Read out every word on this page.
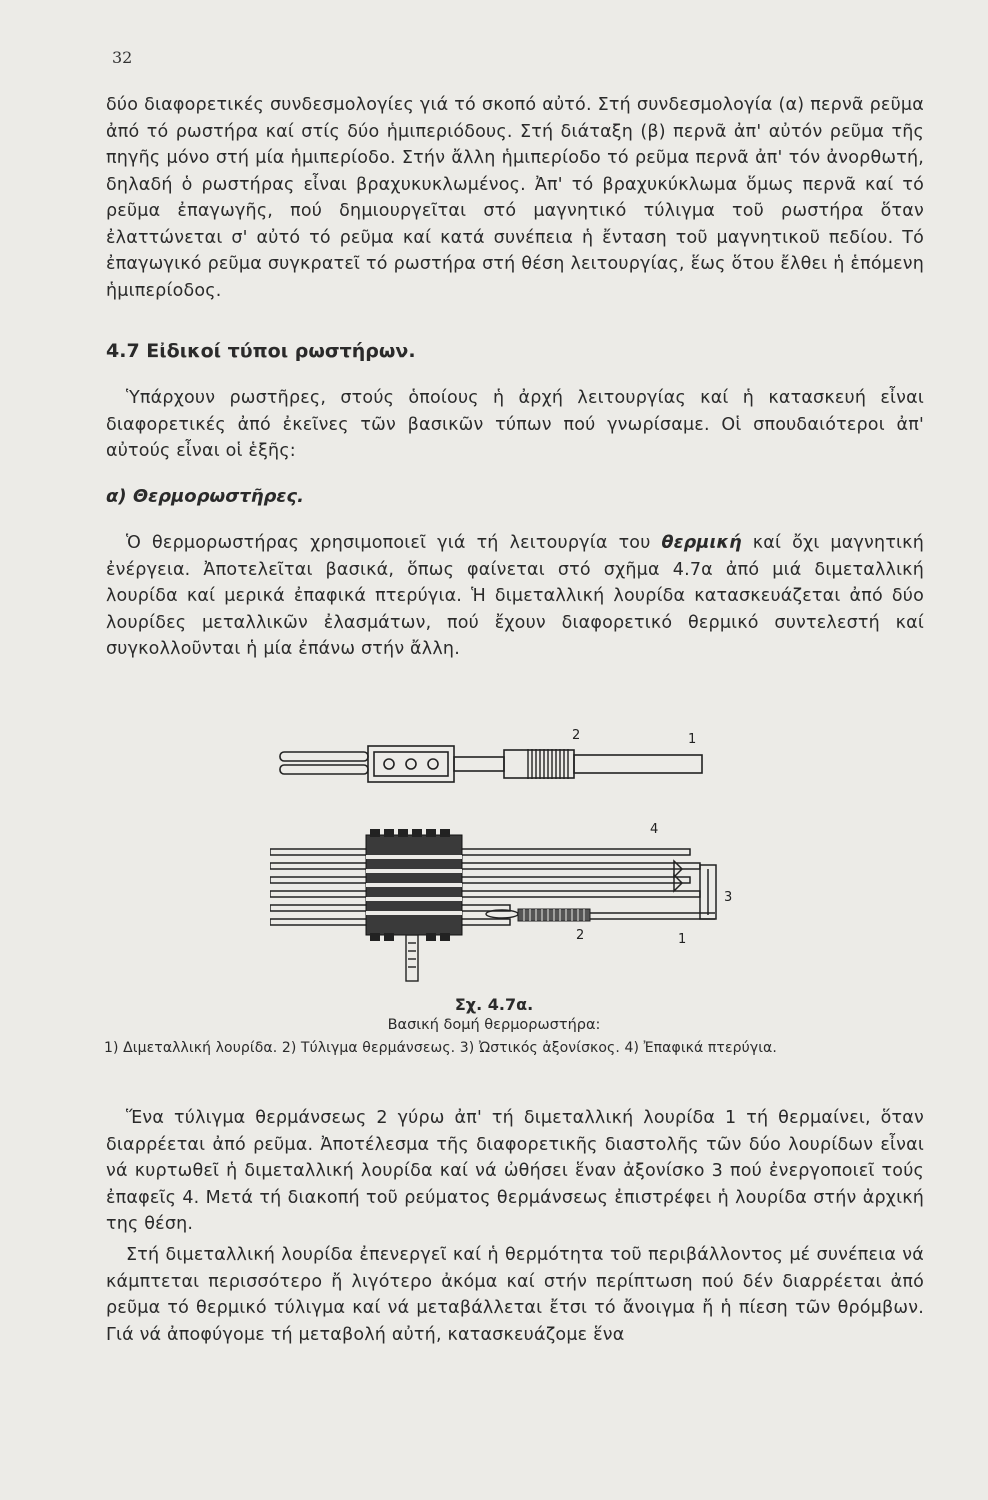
32

δύο διαφορετικές συνδεσμολογίες γιά τό σκοπό αὐτό. Στή συνδεσμολογία (α) περνᾶ ρεῦμα ἀπό τό ρωστήρα καί στίς δύο ἡμιπεριόδους. Στή διάταξη (β) περνᾶ ἀπ' αὐτόν ρεῦμα τῆς πηγῆς μόνο στή μία ἡμιπερίοδο. Στήν ἄλλη ἡμιπερίοδο τό ρεῦμα περνᾶ ἀπ' τόν ἀνορθωτή, δηλαδή ὁ ρωστήρας εἶναι βραχυκυκλωμένος. Ἀπ' τό βραχυκύκλωμα ὅμως περνᾶ καί τό ρεῦμα ἐπαγωγῆς, πού δημιουργεῖται στό μαγνητικό τύλιγμα τοῦ ρωστήρα ὅταν ἐλαττώνεται σ' αὐτό τό ρεῦμα καί κατά συνέπεια ἡ ἔνταση τοῦ μαγνητικοῦ πεδίου. Τό ἐπαγωγικό ρεῦμα συγκρατεῖ τό ρωστήρα στή θέση λειτουργίας, ἕως ὅτου ἔλθει ἡ ἑπόμενη ἡμιπερίοδος.

4.7 Εἰδικοί τύποι ρωστήρων.

Ὑπάρχουν ρωστῆρες, στούς ὁποίους ἡ ἀρχή λειτουργίας καί ἡ κατασκευή εἶναι διαφορετικές ἀπό ἐκεῖνες τῶν βασικῶν τύπων πού γνωρίσαμε. Οἱ σπουδαιότεροι ἀπ' αὐτούς εἶναι οἱ ἑξῆς:

α) Θερμορωστῆρες.

Ὁ θερμορωστήρας χρησιμοποιεῖ γιά τή λειτουργία του θερμική καί ὄχι μαγνητική ἐνέργεια. Ἀποτελεῖται βασικά, ὅπως φαίνεται στό σχῆμα 4.7α ἀπό μιά διμεταλλική λουρίδα καί μερικά ἐπαφικά πτερύγια. Ἡ διμεταλλική λουρίδα κατασκευάζεται ἀπό δύο λουρίδες μεταλλικῶν ἐλασμάτων, πού ἔχουν διαφορετικό θερμικό συντελεστή καί συγκολλοῦνται ἡ μία ἐπάνω στήν ἄλλη.

2	1
4
3
2	1
Σχ. 4.7α.
Βασική δομή θερμορωστήρα:
1) Διμεταλλική λουρίδα. 2) Τύλιγμα θερμάνσεως. 3) Ὠστικός ἀξονίσκος. 4) Ἐπαφικά πτερύγια.

Ἕνα τύλιγμα θερμάνσεως 2 γύρω ἀπ' τή διμεταλλική λουρίδα 1 τή θερμαίνει, ὅταν διαρρέεται ἀπό ρεῦμα. Ἀποτέλεσμα τῆς διαφορετικῆς διαστολῆς τῶν δύο λουρίδων εἶναι νά κυρτωθεῖ ἡ διμεταλλική λουρίδα καί νά ὠθήσει ἕναν ἀξονίσκο 3 πού ἐνεργοποιεῖ τούς ἐπαφεῖς 4. Μετά τή διακοπή τοῦ ρεύματος θερμάνσεως ἐπιστρέφει ἡ λουρίδα στήν ἀρχική της θέση.

Στή διμεταλλική λουρίδα ἐπενεργεῖ καί ἡ θερμότητα τοῦ περιβάλλοντος μέ συνέπεια νά κάμπτεται περισσότερο ἤ λιγότερο ἀκόμα καί στήν περίπτωση πού δέν διαρρέεται ἀπό ρεῦμα τό θερμικό τύλιγμα καί νά μεταβάλλεται ἔτσι τό ἄνοιγμα ἤ ἡ πίεση τῶν θρόμβων. Γιά νά ἀποφύγομε τή μεταβολή αὐτή, κατασκευάζομε ἕνα
